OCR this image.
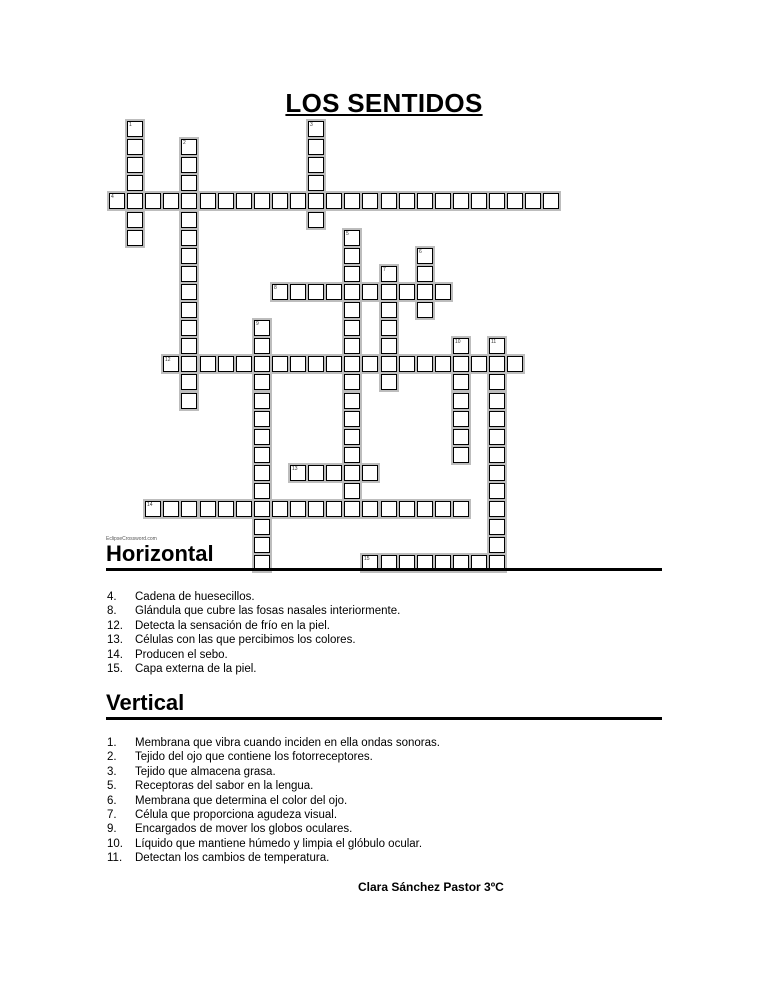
LOS SENTIDOS
1
2
3
4
5
6
7
8
9
10	11
12
13
14
15
EclipseCrossword.com
Horizontal
4.	Cadena de huesecillos.
8.	Glándula que cubre las fosas nasales interiormente.
12.	Detecta la sensación de frío en la piel.
13.	Células con las que percibimos los colores.
14.	Producen el sebo.
15.	Capa externa de la piel.
Vertical
1.	Membrana que vibra cuando inciden en ella ondas sonoras.
2.	Tejido del ojo que contiene los fotorreceptores.
3.	Tejido que almacena grasa.
5.	Receptoras del sabor en la lengua.
6.	Membrana que determina el color del ojo.
7.	Célula que proporciona agudeza visual.
9.	Encargados de mover los globos oculares.
10.	Líquido que mantiene húmedo y limpia el glóbulo ocular.
11.	Detectan los cambios de temperatura.
Clara Sánchez Pastor 3ºC
